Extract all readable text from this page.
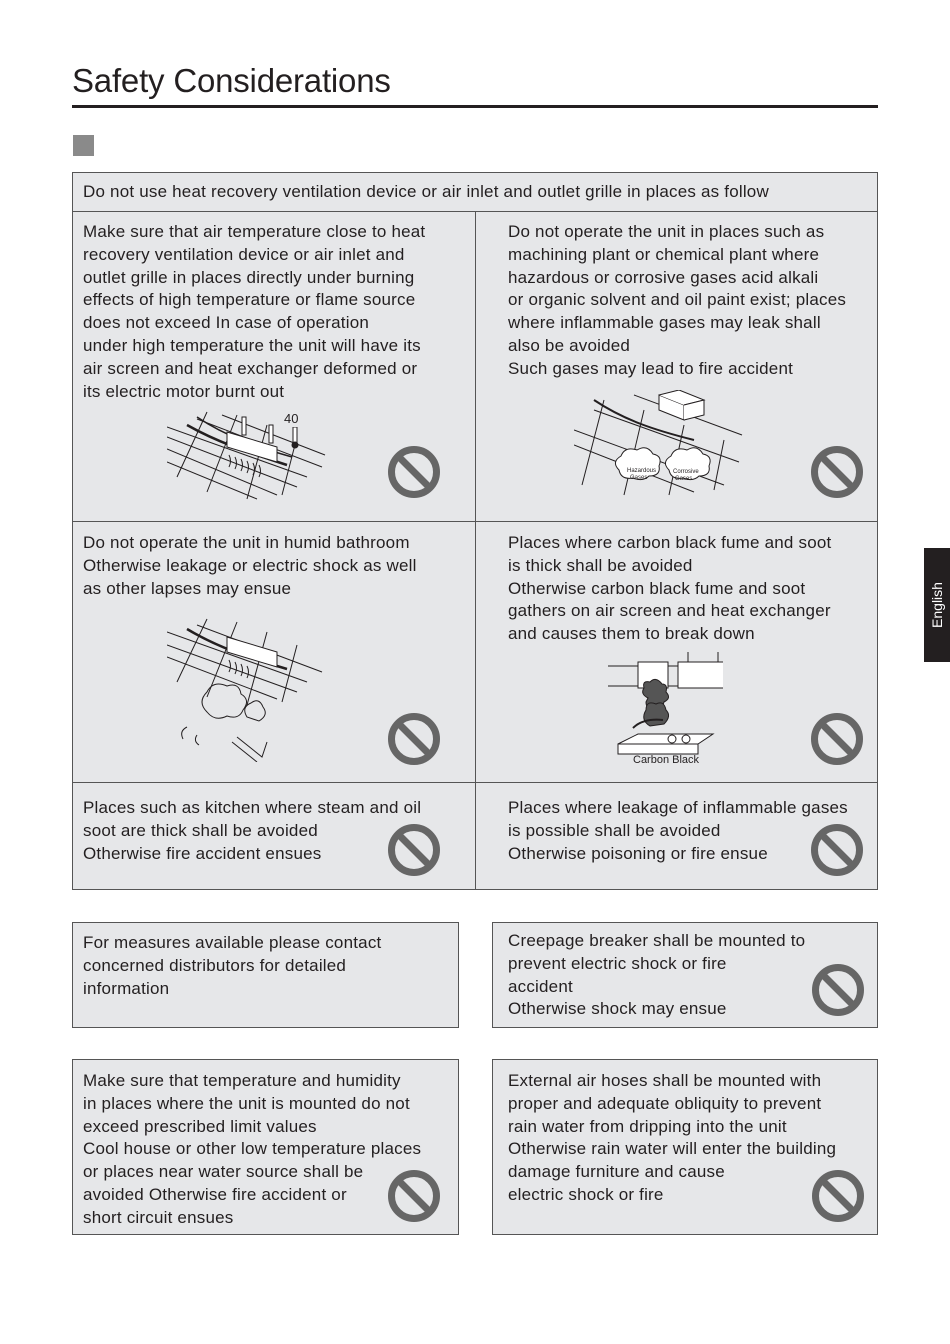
Safety Considerations
English
Do not use heat recovery ventilation device or air inlet and outlet grille in places as follow
Make sure that air temperature close to heat
recovery ventilation device or air inlet and
outlet grille in places directly under burning
effects of high temperature or flame source
does not exceed In case of operation
under high temperature the unit will have its
air screen and heat exchanger deformed or
its electric motor burnt out
40
Do not operate the unit in places such as
machining plant or chemical plant where
hazardous or corrosive gases acid alkali
or organic solvent and oil paint exist; places
where inflammable gases may leak shall
also be avoided
Such gases may lead to fire accident
Hazardous
Gases
Corrosive
Gases
Do not operate the unit in humid bathroom
Otherwise leakage or electric shock as well
as other lapses may ensue
Places where carbon black fume and soot
is thick shall be avoided
Otherwise carbon black fume and soot
gathers on air screen and heat exchanger
and causes them to break down
Carbon Black
Places such as kitchen where steam and oil
soot are thick shall be avoided
Otherwise fire accident ensues
Places where leakage of inflammable gases
is possible shall be avoided
Otherwise poisoning or fire ensue
For measures available please contact
concerned distributors for detailed
information
Creepage breaker shall be mounted to
prevent electric shock or fire
accident
Otherwise shock may ensue
Make sure that temperature and humidity
in places where the unit is mounted do not
exceed prescribed limit values
Cool house or other low temperature places
or places near water source shall be
avoided Otherwise fire accident or
short circuit ensues
External air hoses shall be mounted with
proper and adequate obliquity to prevent
rain water from dripping into the unit
Otherwise rain water will enter the building
damage furniture and cause
electric shock or fire
